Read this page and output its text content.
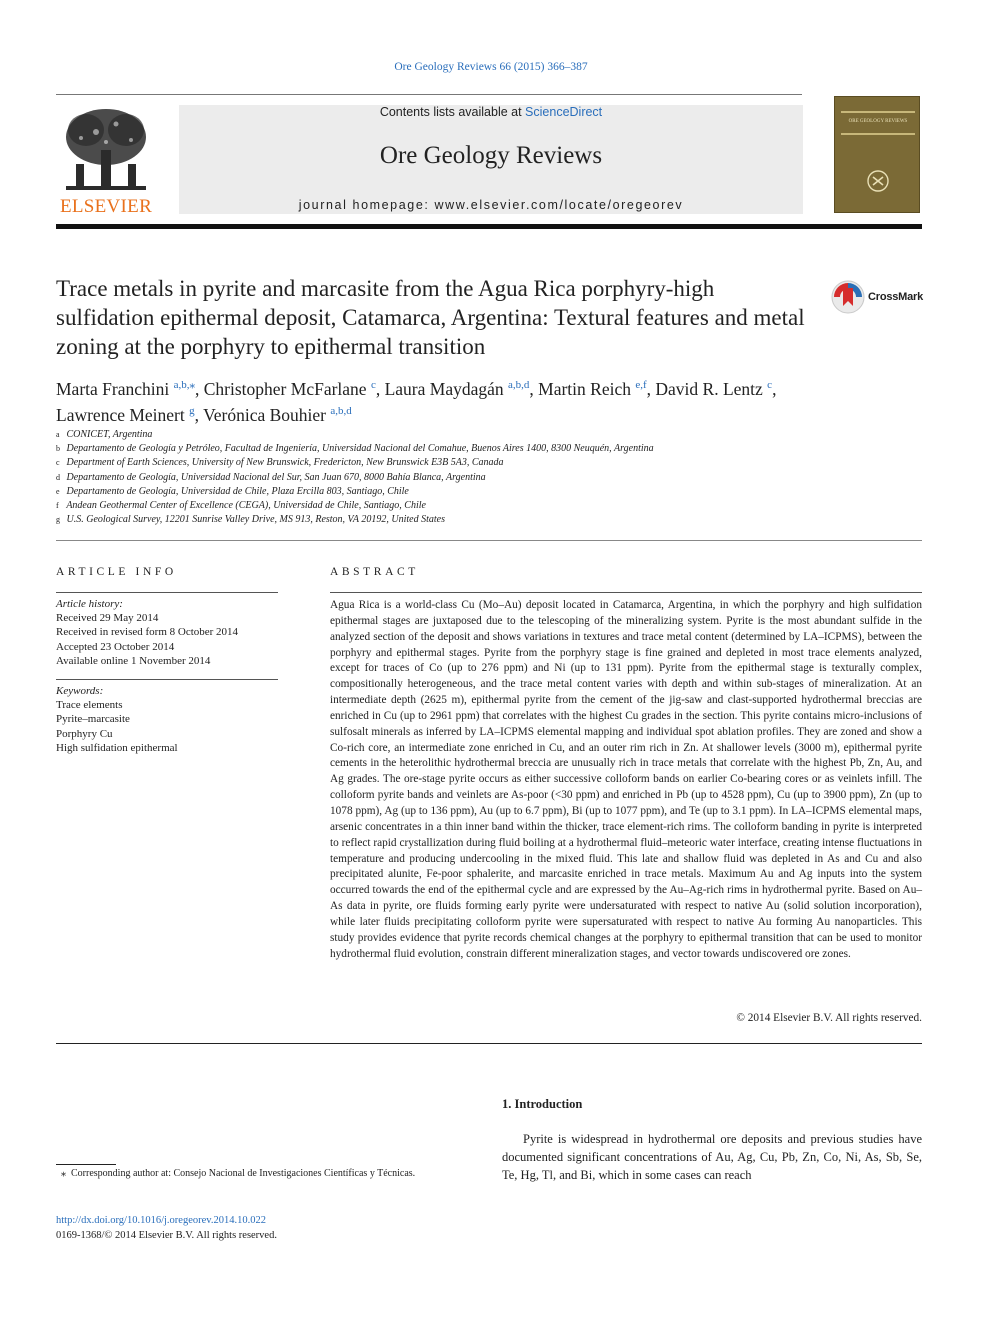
Ore Geology Reviews 66 (2015) 366–387
ELSEVIER
Contents lists available at ScienceDirect
Ore Geology Reviews
journal homepage: www.elsevier.com/locate/oregeorev
ORE GEOLOGY REVIEWS
Trace metals in pyrite and marcasite from the Agua Rica porphyry-high sulfidation epithermal deposit, Catamarca, Argentina: Textural features and metal zoning at the porphyry to epithermal transition
CrossMark
Marta Franchini $^{a,b,⁎}$, Christopher McFarlane $^c$, Laura Maydagán $^{a,b,d}$, Martin Reich $^{e,f}$, David R. Lentz $^c$,
Lawrence Meinert $^g$, Verónica Bouhier $^{a,b,d}$
a CONICET, Argentina
b Departamento de Geología y Petróleo, Facultad de Ingeniería, Universidad Nacional del Comahue, Buenos Aires 1400, 8300 Neuquén, Argentina
c Department of Earth Sciences, University of New Brunswick, Fredericton, New Brunswick E3B 5A3, Canada
d Departamento de Geología, Universidad Nacional del Sur, San Juan 670, 8000 Bahía Blanca, Argentina
e Departamento de Geología, Universidad de Chile, Plaza Ercilla 803, Santiago, Chile
f Andean Geothermal Center of Excellence (CEGA), Universidad de Chile, Santiago, Chile
g U.S. Geological Survey, 12201 Sunrise Valley Drive, MS 913, Reston, VA 20192, United States
ARTICLE INFO
Article history:
Received 29 May 2014
Received in revised form 8 October 2014
Accepted 23 October 2014
Available online 1 November 2014
Keywords:
Trace elements
Pyrite–marcasite
Porphyry Cu
High sulfidation epithermal
ABSTRACT
Agua Rica is a world-class Cu (Mo–Au) deposit located in Catamarca, Argentina, in which the porphyry and high sulfidation epithermal stages are juxtaposed due to the telescoping of the mineralizing system. Pyrite is the most abundant sulfide in the analyzed section of the deposit and shows variations in textures and trace metal content (determined by LA–ICPMS), between the porphyry and epithermal stages. Pyrite from the porphyry stage is fine grained and depleted in most trace elements analyzed, except for traces of Co (up to 276 ppm) and Ni (up to 131 ppm). Pyrite from the epithermal stage is texturally complex, compositionally heterogeneous, and the trace metal content varies with depth and within sub-stages of mineralization. At an intermediate depth (2625 m), epithermal pyrite from the cement of the jig-saw and clast-supported hydrothermal breccias are enriched in Cu (up to 2961 ppm) that correlates with the highest Cu grades in the section. This pyrite contains micro-inclusions of sulfosalt minerals as inferred by LA–ICPMS elemental mapping and individual spot ablation profiles. They are zoned and show a Co-rich core, an intermediate zone enriched in Cu, and an outer rim rich in Zn. At shallower levels (3000 m), epithermal pyrite cements in the heterolithic hydrothermal breccia are unusually rich in trace metals that correlate with the highest Pb, Zn, Au, and Ag grades. The ore-stage pyrite occurs as either successive colloform bands on earlier Co-bearing cores or as veinlets infill. The colloform pyrite bands and veinlets are As-poor (<30 ppm) and enriched in Pb (up to 4528 ppm), Cu (up to 3900 ppm), Zn (up to 1078 ppm), Ag (up to 136 ppm), Au (up to 6.7 ppm), Bi (up to 1077 ppm), and Te (up to 3.1 ppm). In LA–ICPMS elemental maps, arsenic concentrates in a thin inner band within the thicker, trace element-rich rims. The colloform banding in pyrite is interpreted to reflect rapid crystallization during fluid boiling at a hydrothermal fluid–meteoric water interface, creating intense fluctuations in temperature and producing undercooling in the mixed fluid. This late and shallow fluid was depleted in As and Cu and also precipitated alunite, Fe-poor sphalerite, and marcasite enriched in trace metals. Maximum Au and Ag inputs into the system occurred towards the end of the epithermal cycle and are expressed by the Au–Ag-rich rims in hydrothermal pyrite. Based on Au–As data in pyrite, ore fluids forming early pyrite were undersaturated with respect to native Au (solid solution incorporation), while later fluids precipitating colloform pyrite were supersaturated with respect to native Au forming Au nanoparticles. This study provides evidence that pyrite records chemical changes at the porphyry to epithermal transition that can be used to monitor hydrothermal fluid evolution, constrain different mineralization stages, and vector towards undiscovered ore zones.
© 2014 Elsevier B.V. All rights reserved.
1. Introduction
Pyrite is widespread in hydrothermal ore deposits and previous studies have documented significant concentrations of Au, Ag, Cu, Pb, Zn, Co, Ni, As, Sb, Se, Te, Hg, Tl, and Bi, which in some cases can reach
⁎ Corresponding author at: Consejo Nacional de Investigaciones Científicas y Técnicas.
http://dx.doi.org/10.1016/j.oregeorev.2014.10.022
0169-1368/© 2014 Elsevier B.V. All rights reserved.
